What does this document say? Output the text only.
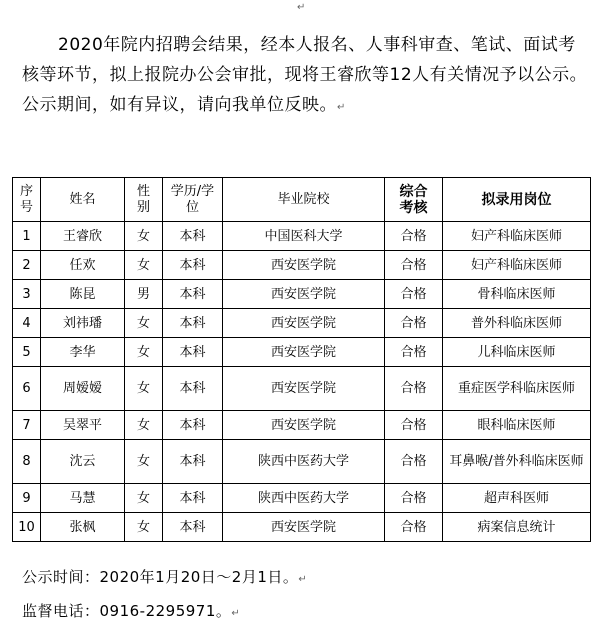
↵

2020年院内招聘会结果，经本人报名、人事科审查、笔试、面试考核等环节，拟上报院办公会审批，现将王睿欣等12人有关情况予以公示。公示期间，如有异议，请向我单位反映。↵

序号	姓名	性别	学历/学位	毕业院校	综合考核	拟录用岗位
1	王睿欣	女	本科	中国医科大学	合格	妇产科临床医师
2	任欢	女	本科	西安医学院	合格	妇产科临床医师
3	陈昆	男	本科	西安医学院	合格	骨科临床医师
4	刘祎璠	女	本科	西安医学院	合格	普外科临床医师
5	李华	女	本科	西安医学院	合格	儿科临床医师
6	周嫒嫒	女	本科	西安医学院	合格	重症医学科临床医师
7	吴翠平	女	本科	西安医学院	合格	眼科临床医师
8	沈云	女	本科	陕西中医药大学	合格	耳鼻喉/普外科临床医师
9	马慧	女	本科	陕西中医药大学	合格	超声科医师
10	张枫	女	本科	西安医学院	合格	病案信息统计

公示时间：2020年1月20日～2月1日。↵

监督电话：0916-2295971。↵
